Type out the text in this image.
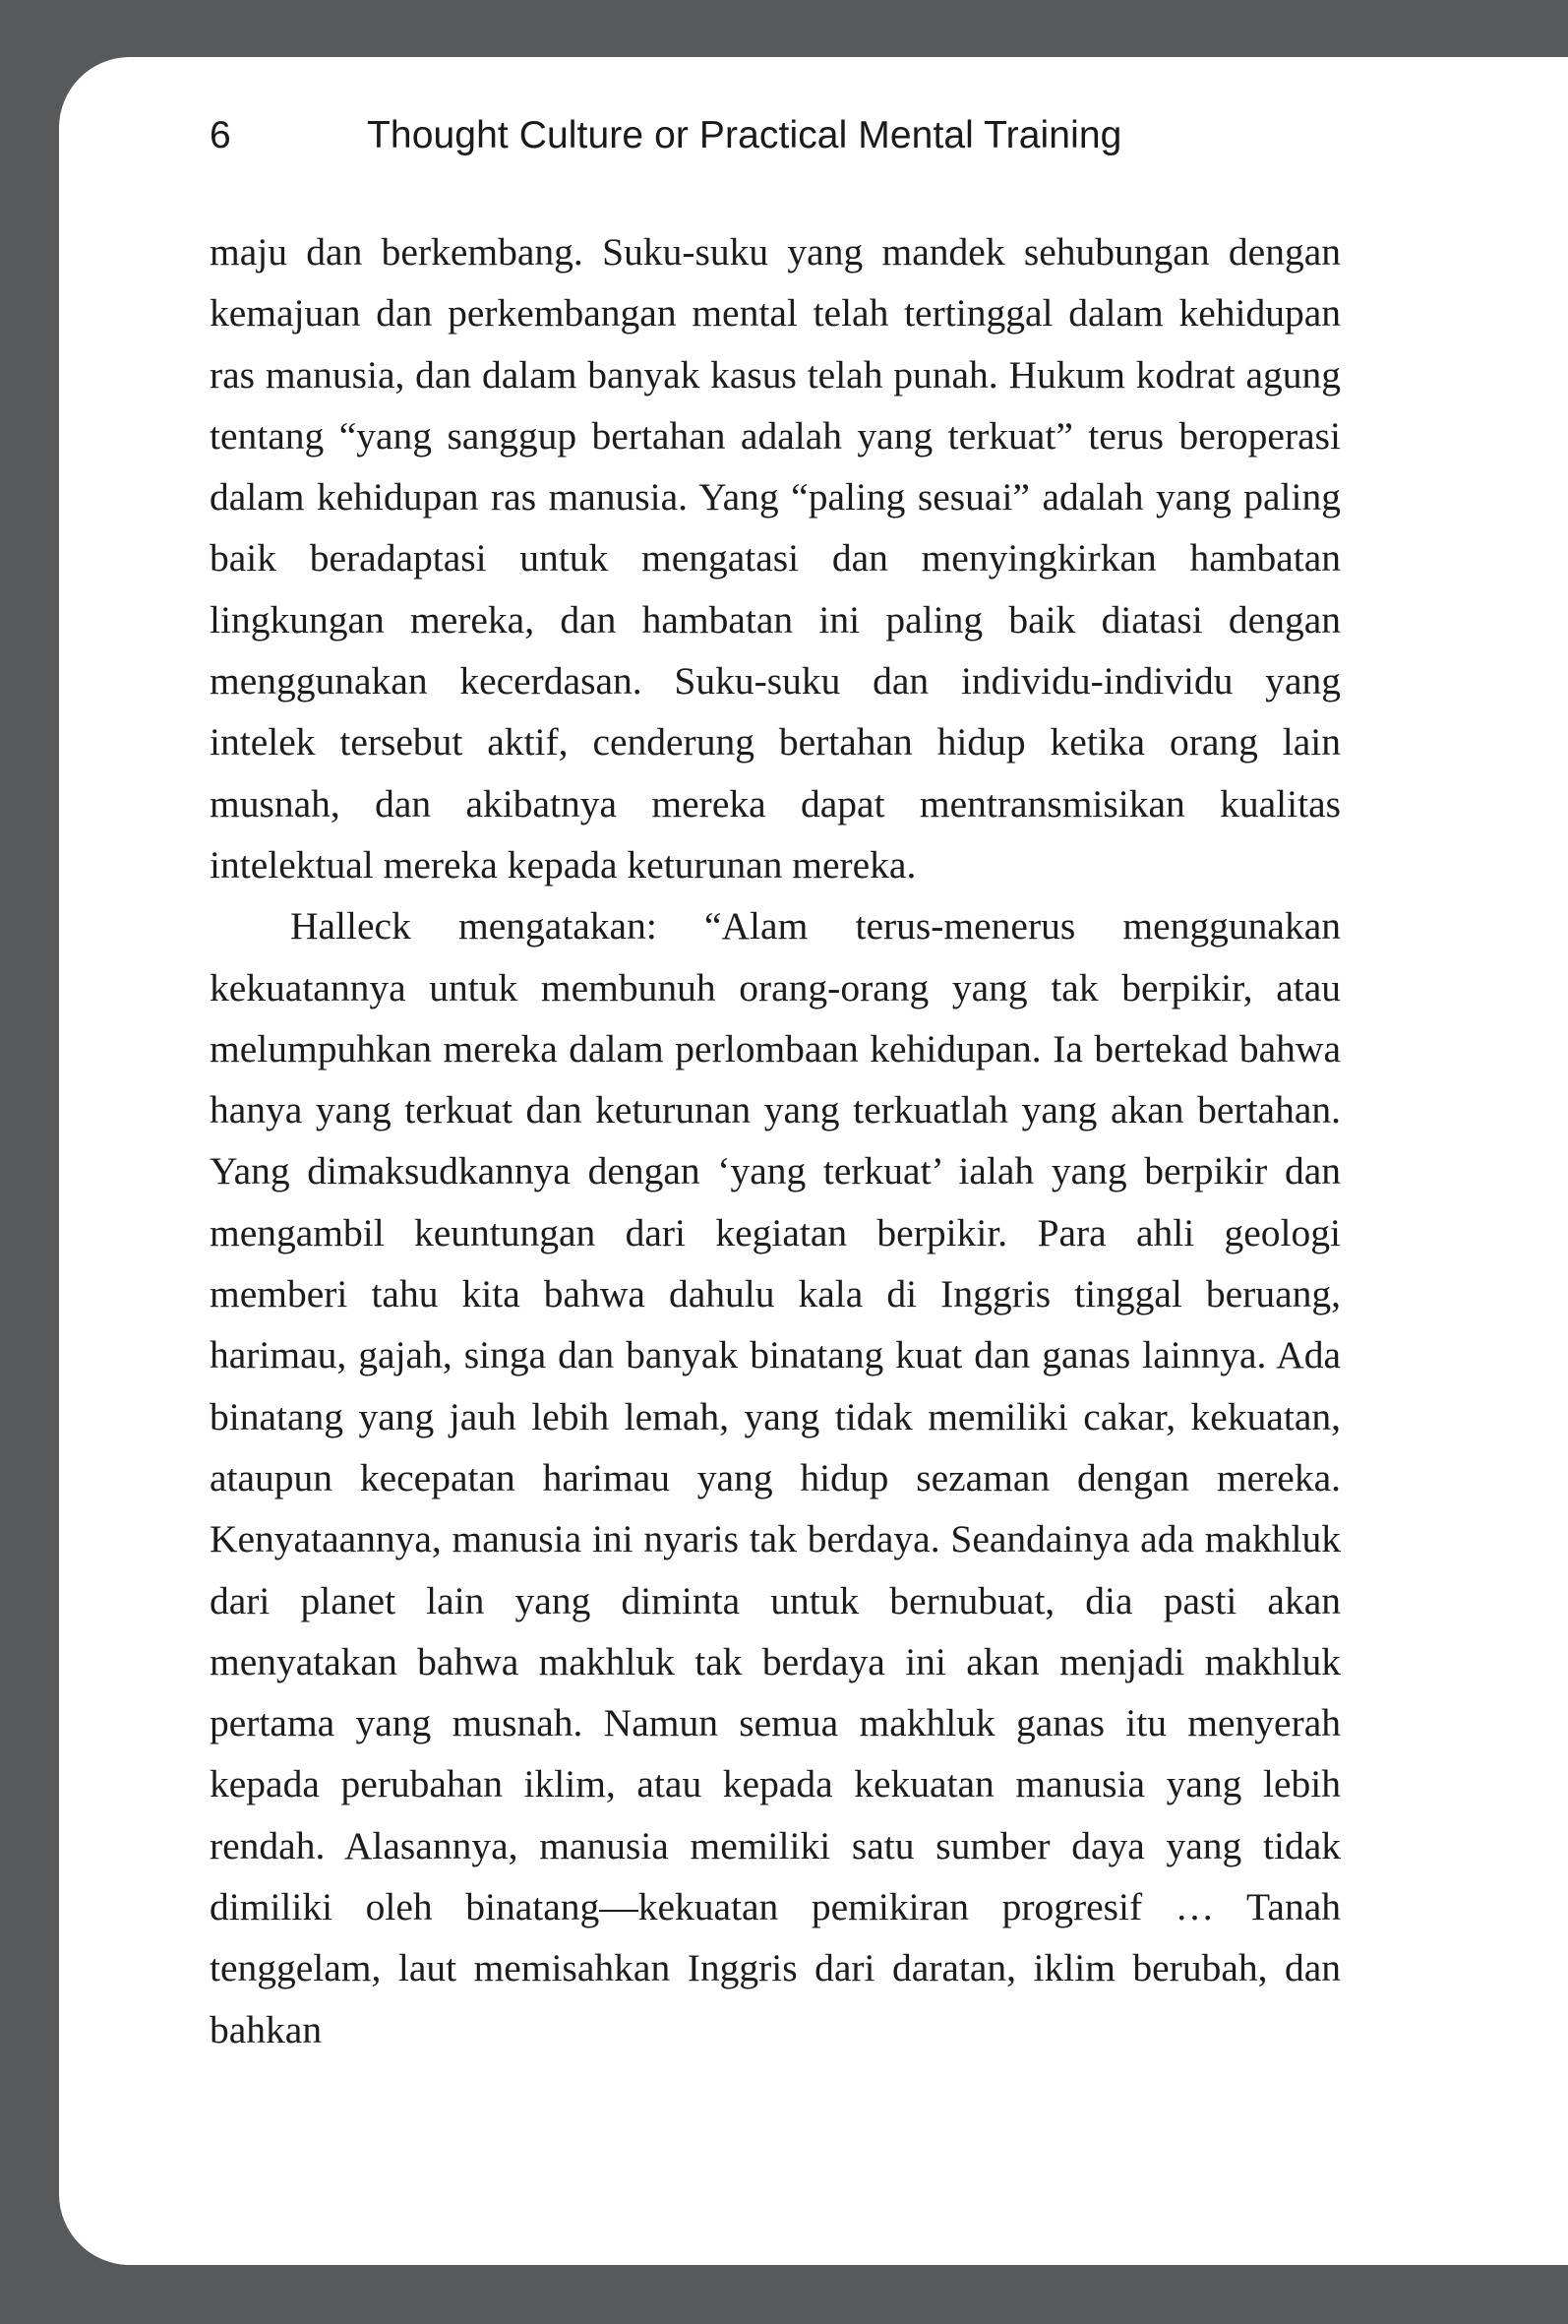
6	Thought Culture or Practical Mental Training

maju dan berkembang. Suku-suku yang mandek sehubungan dengan kemajuan dan perkembangan mental telah tertinggal dalam kehidupan ras manusia, dan dalam banyak kasus telah punah. Hukum kodrat agung tentang “yang sanggup bertahan adalah yang terkuat” terus beroperasi dalam kehidupan ras manusia. Yang “paling sesuai” adalah yang paling baik beradaptasi untuk mengatasi dan menyingkirkan hambatan lingkungan mereka, dan hambatan ini paling baik diatasi dengan menggunakan kecerdasan. Suku-suku dan individu-individu yang intelek tersebut aktif, cenderung bertahan hidup ketika orang lain musnah, dan akibatnya mereka dapat mentransmisikan kualitas intelektual mereka kepada keturunan mereka.

Halleck mengatakan: “Alam terus-menerus menggunakan kekuatannya untuk membunuh orang-orang yang tak berpikir, atau melumpuhkan mereka dalam perlombaan kehidupan. Ia bertekad bahwa hanya yang terkuat dan keturunan yang terkuatlah yang akan bertahan. Yang dimaksudkannya dengan ‘yang terkuat’ ialah yang berpikir dan mengambil keuntungan dari kegiatan berpikir. Para ahli geologi memberi tahu kita bahwa dahulu kala di Inggris tinggal beruang, harimau, gajah, singa dan banyak binatang kuat dan ganas lainnya. Ada binatang yang jauh lebih lemah, yang tidak memiliki cakar, kekuatan, ataupun kecepatan harimau yang hidup sezaman dengan mereka. Kenyataannya, manusia ini nyaris tak berdaya. Seandainya ada makhluk dari planet lain yang diminta untuk bernubuat, dia pasti akan menyatakan bahwa makhluk tak berdaya ini akan menjadi makhluk pertama yang musnah. Namun semua makhluk ganas itu menyerah kepada perubahan iklim, atau kepada kekuatan manusia yang lebih rendah. Alasannya, manusia memiliki satu sumber daya yang tidak dimiliki oleh binatang—kekuatan pemikiran progresif … Tanah tenggelam, laut memisahkan Inggris dari daratan, iklim berubah, dan bahkan
